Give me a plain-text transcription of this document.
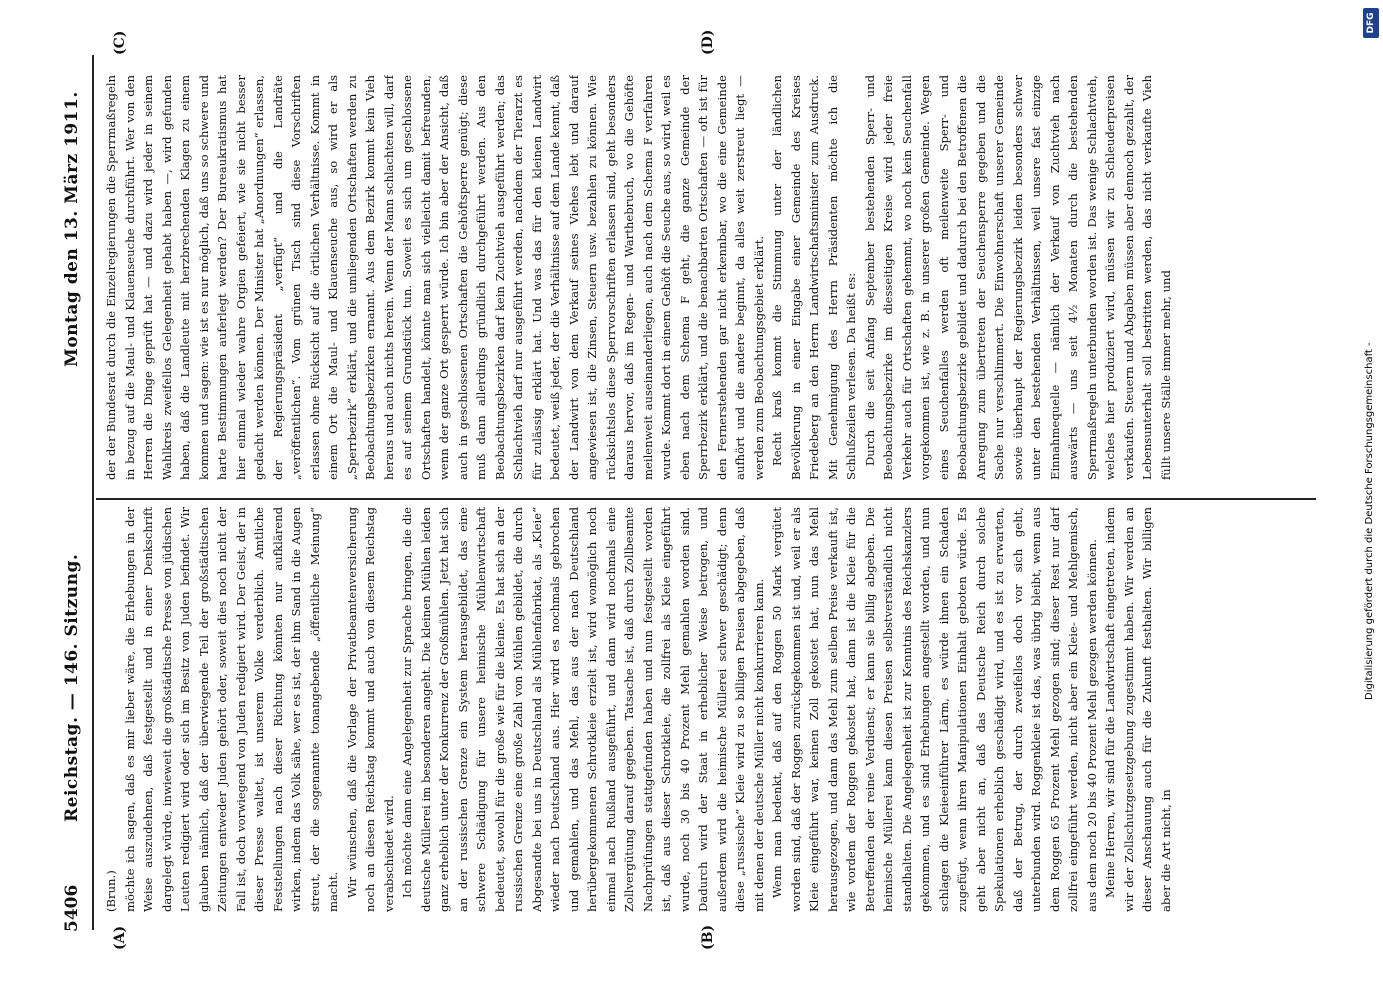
5406
Reichstag. — 146. Sitzung.
Montag den 13. März 1911.
(A)	(B)
(C)	(D)

(Brun.) möchte ich sagen, daß es mir lieber wäre, die Erhebungen in der Weise auszudehnen, daß festgestellt und in einer Denkschrift dargelegt würde, inwieweit die großstädtische Presse von jüdischen Leuten redigiert wird oder sich im Besitz von Juden befindet. Wir glauben nämlich, daß der überwiegende Teil der großstädtischen Zeitungen entweder Juden gehört oder, soweit dies noch nicht der Fall ist, doch vorwiegend von Juden redigiert wird. Der Geist, der in dieser Presse waltet, ist unserem Volke verderblich. Amtliche Feststellungen nach dieser Richtung könnten nur aufklärend wirken, indem das Volk sähe, wer es ist, der ihm Sand in die Augen streut, der die sogenannte tonangebende „öffentliche Meinung“ macht. Wir wünschen, daß die Vorlage der Privatbeamtenversicherung noch an diesen Reichstag kommt und auch von diesem Reichstag verabschiedet wird. Ich möchte dann eine Angelegenheit zur Sprache bringen, die die deutsche Müllerei im besonderen angeht. Die kleinen Mühlen leiden ganz erheblich unter der Konkurrenz der Großmühlen. Jetzt hat sich an der russischen Grenze ein System herausgebildet, das eine schwere Schädigung für unsere heimische Mühlenwirtschaft bedeutet, sowohl für die große wie für die kleine. Es hat sich an der russischen Grenze eine große Zahl von Mühlen gebildet, die durch Abgesandte bei uns in Deutschland als Mühlenfabrikat, als „Kleie“ wieder nach Deutschland aus. Hier wird es nochmals gebrochen und gemahlen, und das Mehl, das aus der nach Deutschland herübergekommenen Schrotkleie erzielt ist, wird womöglich noch einmal nach Rußland ausgeführt, und dann wird nochmals eine Zollvergütung darauf gegeben. Tatsache ist, daß durch Zollbeamte Nachprüfungen stattgefunden haben und nun festgestellt worden ist, daß aus dieser Schrotkleie, die zollfrei als Kleie eingeführt wurde, noch 30 bis 40 Prozent Mehl gemahlen worden sind. Dadurch wird der Staat in erheblicher Weise betrogen, und außerdem wird die heimische Müllerei schwer geschädigt; denn diese „russische“ Kleie wird zu so billigen Preisen abgegeben, daß mit denen der deutsche Müller nicht konkurrieren kann. Wenn man bedenkt, daß auf den Roggen 50 Mark vergütet worden sind, daß der Roggen zurückgekommen ist und, weil er als Kleie eingeführt war, keinen Zoll gekostet hat, nun das Mehl herausgezogen, und dann das Mehl zum selben Preise verkauft ist, wie vordem der Roggen gekostet hat, dann ist die Kleie für die Betreffenden der reine Verdienst; er kann sie billig abgeben. Die heimische Müllerei kann diesen Preisen selbstverständlich nicht standhalten. Die Angelegenheit ist zur Kenntnis des Reichskanzlers gekommen, und es sind Erhebungen angestellt worden, und nun schlagen die Kleieeinführer Lärm, es würde ihnen ein Schaden zugefügt, wenn ihren Manipulationen Einhalt geboten würde. Es geht aber nicht an, daß das Deutsche Reich durch solche Spekulationen erheblich geschädigt wird, und es ist zu erwarten, daß der Betrug, der durch zweifellos doch vor sich geht, unterbunden wird. Roggenkleie ist das, was übrig bleibt, wenn aus dem Roggen 65 Prozent Mehl gezogen sind; dieser Rest nur darf zollfrei eingeführt werden, nicht aber ein Kleie- und Mehlgemisch, aus dem noch 20 bis 40 Prozent Mehl gezogen werden können. Meine Herren, wir sind für die Landwirtschaft eingetreten, indem wir der Zollschutzgesetzgebung zugestimmt haben. Wir werden an dieser Anschauung auch für die Zukunft festhalten. Wir billigen aber die Art nicht, in

der der Bundesrat durch die Einzelregierungen die Sperrmaßregeln in bezug auf die Maul- und Klauenseuche durchführt. Wer von den Herren die Dinge geprüft hat — und dazu wird jeder in seinem Wahlkreis zweifellos Gelegenheit gehabt haben —, wird gefunden haben, daß die Landleute mit herzbrechenden Klagen zu einem kommen und sagen: wie ist es nur möglich, daß uns so schwere und harte Bestimmungen auferlegt werden? Der Bureaukratismus hat hier einmal wieder wahre Orgien gefeiert, wie sie nicht besser gedacht werden können. Der Minister hat „Anordnungen“ erlassen, der Regierungspräsident „verfügt“ und die Landräte „veröffentlichen“. Vom grünen Tisch sind diese Vorschriften erlassen ohne Rücksicht auf die örtlichen Verhältnisse. Kommt in einem Ort die Maul- und Klauenseuche aus, so wird er als „Sperrbezirk“ erklärt, und die umliegenden Ortschaften werden zu Beobachtungsbezirken ernannt. Aus dem Bezirk kommt kein Vieh heraus und auch nichts herein. Wenn der Mann schlachten will, darf es auf seinem Grundstück tun. Soweit es sich um geschlossene Ortschaften handelt, könnte man sich vielleicht damit befreunden, wenn der ganze Ort gesperrt würde. Ich bin aber der Ansicht, daß auch in geschlossenen Ortschaften die Gehöftsperre genügt; diese muß dann allerdings gründlich durchgeführt werden. Aus den Beobachtungsbezirken darf kein Zuchtvieh ausgeführt werden; das Schlachtvieh darf nur ausgeführt werden, nachdem der Tierarzt es für zulässig erklärt hat. Und was das für den kleinen Landwirt bedeutet, weiß jeder, der die Verhältnisse auf dem Lande kennt, daß der Landwirt von dem Verkauf seines Viehes lebt und darauf angewiesen ist, die Zinsen, Steuern usw. bezahlen zu können. Wie rücksichtslos diese Sperrvorschriften erlassen sind, geht besonders daraus hervor, daß im Regen- und Warthebruch, wo die Gehöfte meilenweit auseinanderliegen, auch nach dem Schema F verfahren wurde. Kommt dort in einem Gehöft die Seuche aus, so wird, weil es eben nach dem Schema F geht, die ganze Gemeinde der Sperrbezirk erklärt, und die benachbarten Ortschaften — oft ist für den Fernerstehenden gar nicht erkennbar, wo die eine Gemeinde aufhört und die andere beginnt, da alles weit zerstreut liegt — werden zum Beobachtungsgebiet erklärt. Recht kraß kommt die Stimmung unter der ländlichen Bevölkerung in einer Eingabe einer Gemeinde des Kreises Friedeberg an den Herrn Landwirtschaftsminister zum Ausdruck. Mit Genehmigung des Herrn Präsidenten möchte ich die Schlußzeilen verlesen. Da heißt es: Durch die seit Anfang September bestehenden Sperr- und Beobachtungsbezirke im diesseitigen Kreise wird jeder freie Verkehr auch für Ortschaften gehemmt, wo noch kein Seuchenfall vorgekommen ist, wie z. B. in unserer großen Gemeinde. Wegen eines Seuchenfalles werden oft meilenweite Sperr- und Beobachtungsbezirke gebildet und dadurch bei den Betroffenen die Anregung zum übertreten der Seuchensperre gegeben und die Sache nur verschlimmert. Die Einwohnerschaft unserer Gemeinde sowie überhaupt der Regierungsbezirk leiden besonders schwer unter den bestehenden Verhältnissen, weil unsere fast einzige Einnahmequelle — nämlich der Verkauf von Zuchtvieh nach auswärts — uns seit 4½ Monaten durch die bestehenden Sperrmaßregeln unterbunden worden ist. Das wenige Schlachtvieh, welches hier produziert wird, müssen wir zu Schleuderpreisen verkaufen. Steuern und Abgaben müssen aber dennoch gezahlt, der Lebensunterhalt soll bestritten werden, das nicht verkaufte Vieh füllt unsere Ställe immer mehr, und

DFG
Digitalisierung gefördert durch die Deutsche Forschungsgemeinschaft -
